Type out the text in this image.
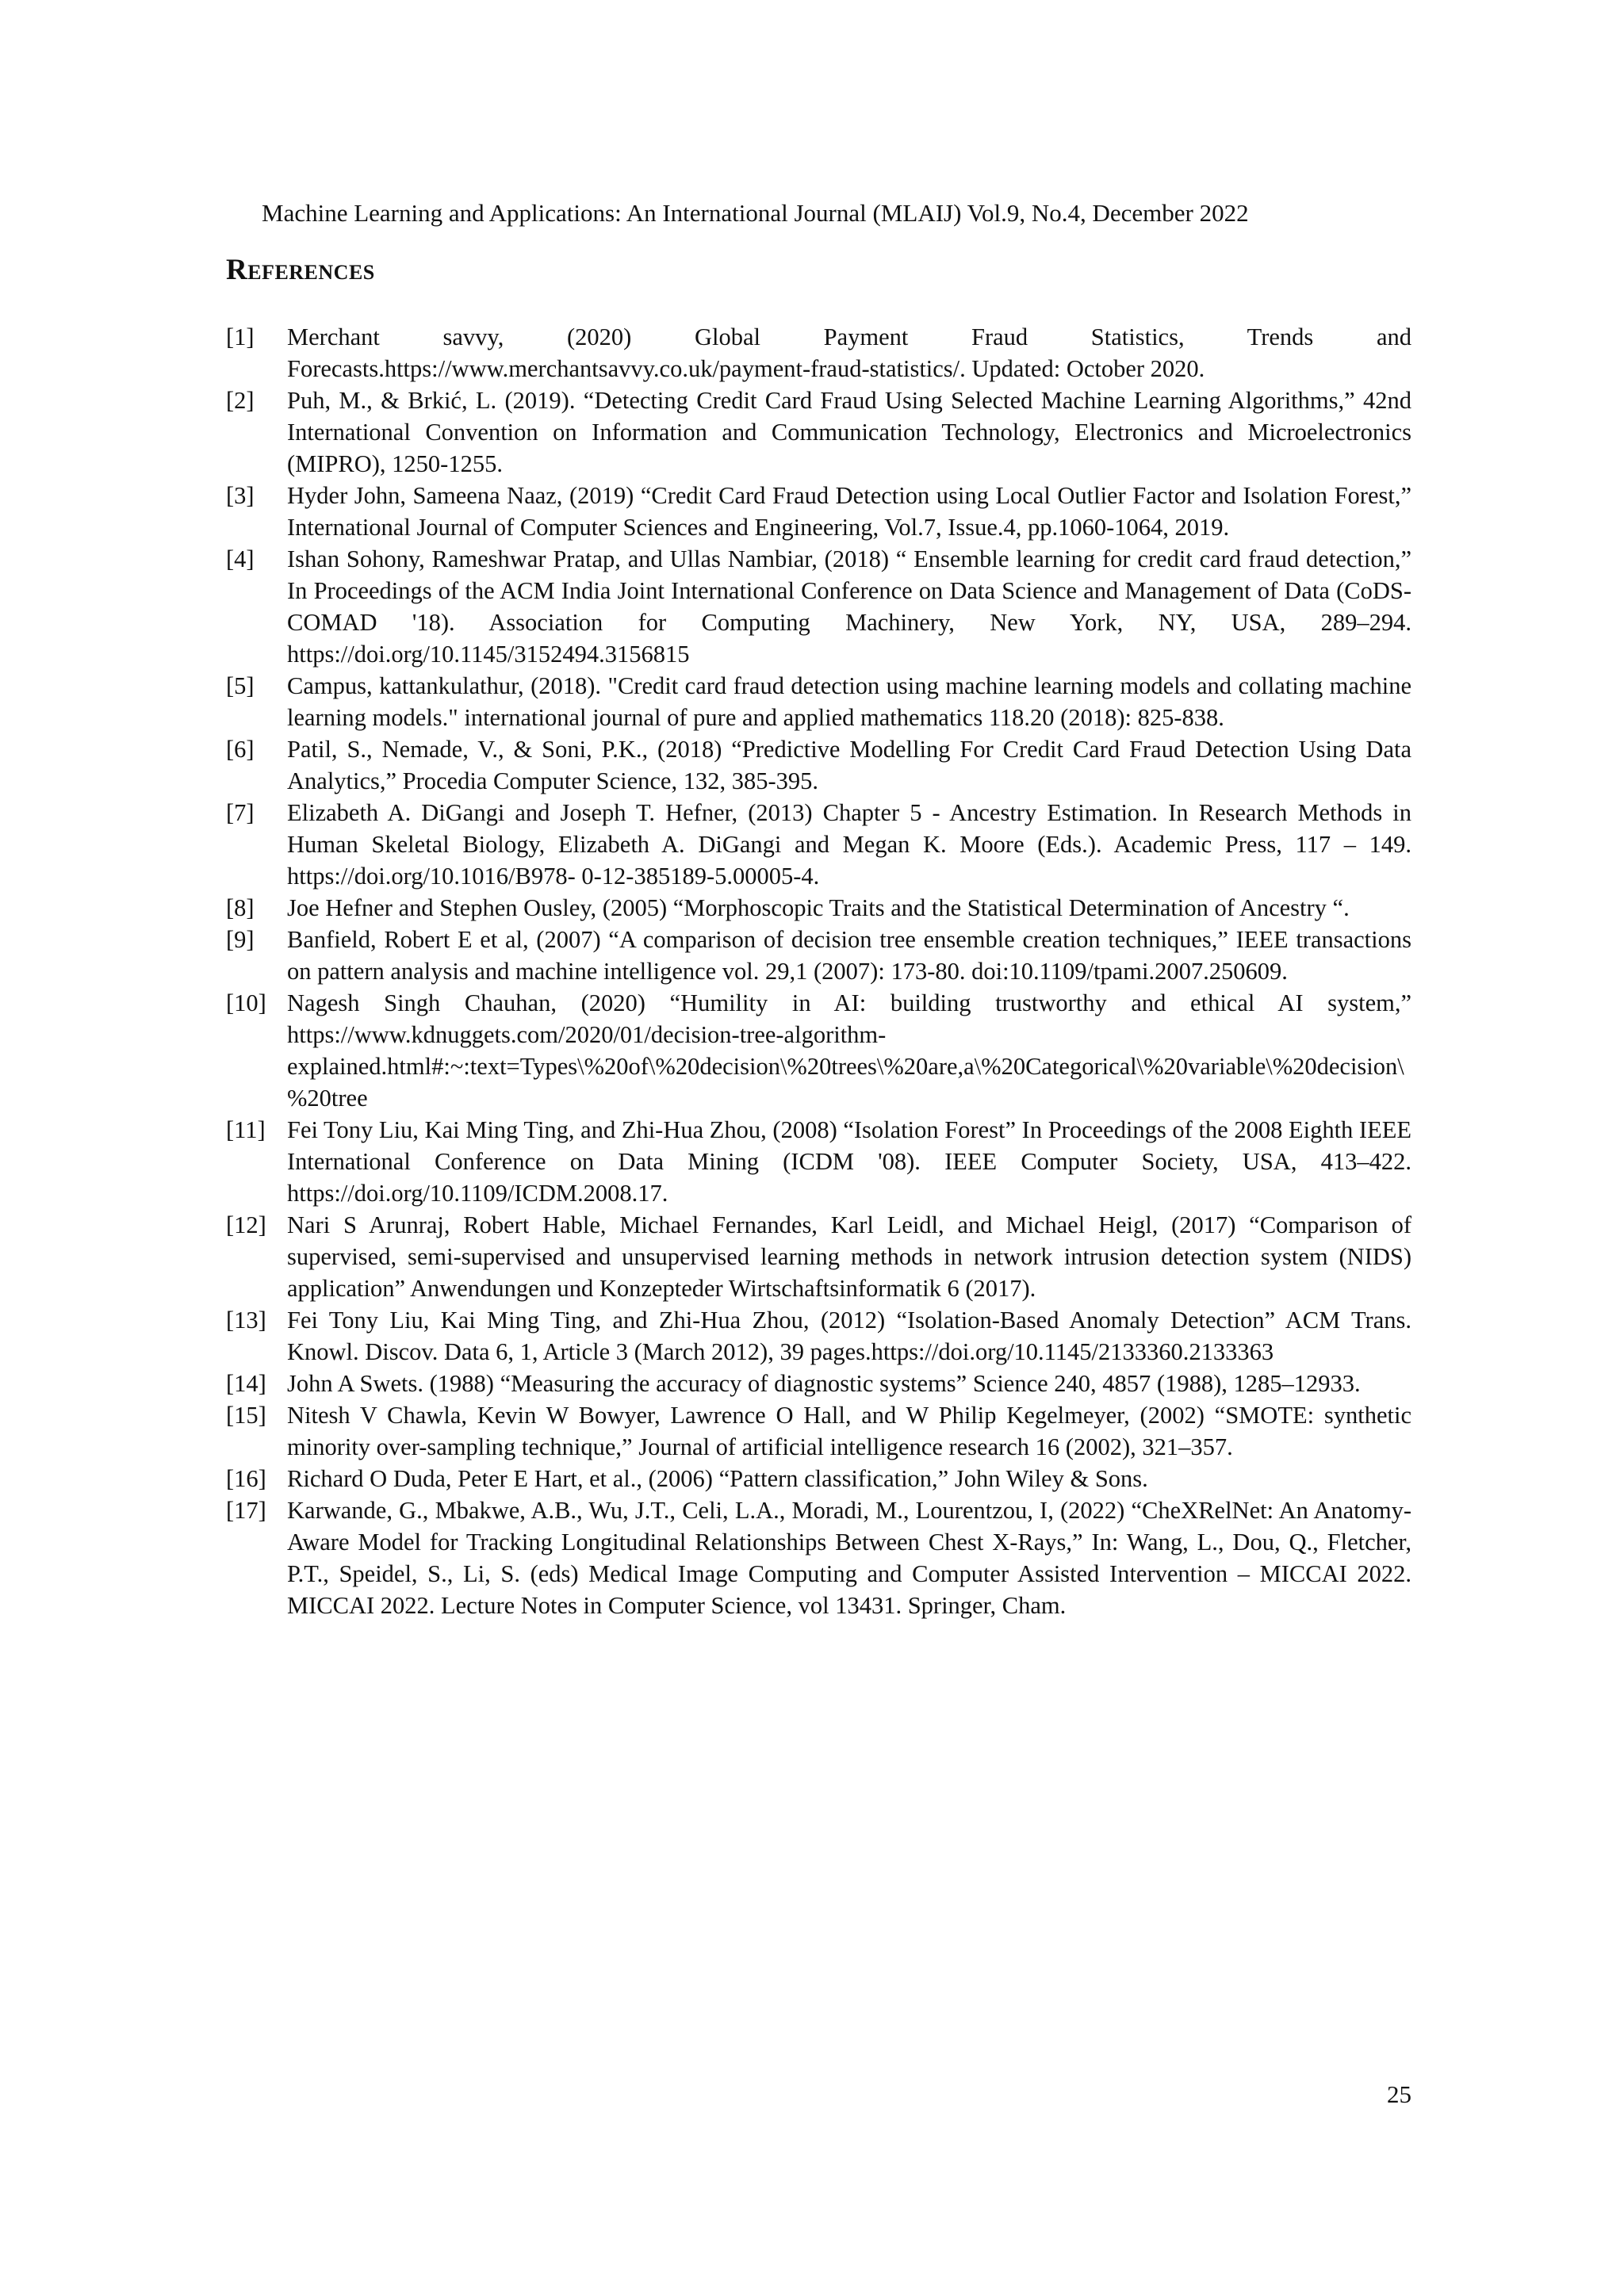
Machine Learning and Applications: An International Journal (MLAIJ) Vol.9, No.4, December 2022
References
[1]	Merchant savvy, (2020) Global Payment Fraud Statistics, Trends and Forecasts.https://www.merchantsavvy.co.uk/payment-fraud-statistics/. Updated: October 2020.
[2]	Puh, M., & Brkić, L. (2019). “Detecting Credit Card Fraud Using Selected Machine Learning Algorithms,” 42nd International Convention on Information and Communication Technology, Electronics and Microelectronics (MIPRO), 1250-1255.
[3]	Hyder John, Sameena Naaz, (2019) “Credit Card Fraud Detection using Local Outlier Factor and Isolation Forest,” International Journal of Computer Sciences and Engineering, Vol.7, Issue.4, pp.1060-1064, 2019.
[4]	Ishan Sohony, Rameshwar Pratap, and Ullas Nambiar, (2018) “ Ensemble learning for credit card fraud detection,” In Proceedings of the ACM India Joint International Conference on Data Science and Management of Data (CoDS-COMAD '18). Association for Computing Machinery, New York, NY, USA, 289–294. https://doi.org/10.1145/3152494.3156815
[5]	Campus, kattankulathur, (2018). "Credit card fraud detection using machine learning models and collating machine learning models." international journal of pure and applied mathematics 118.20 (2018): 825-838.
[6]	Patil, S., Nemade, V., & Soni, P.K., (2018) “Predictive Modelling For Credit Card Fraud Detection Using Data Analytics,” Procedia Computer Science, 132, 385-395.
[7]	Elizabeth A. DiGangi and Joseph T. Hefner, (2013) Chapter 5 - Ancestry Estimation. In Research Methods in Human Skeletal Biology, Elizabeth A. DiGangi and Megan K. Moore (Eds.). Academic Press, 117 – 149. https://doi.org/10.1016/B978- 0-12-385189-5.00005-4.
[8]	Joe Hefner and Stephen Ousley, (2005) “Morphoscopic Traits and the Statistical Determination of Ancestry “.
[9]	Banfield, Robert E et al, (2007) “A comparison of decision tree ensemble creation techniques,” IEEE transactions on pattern analysis and machine intelligence vol. 29,1 (2007): 173-80. doi:10.1109/tpami.2007.250609.
[10] Nagesh Singh Chauhan, (2020) “Humility in AI: building trustworthy and ethical AI system,” https://www.kdnuggets.com/2020/01/decision-tree-algorithm-explained.html#:~:text=Types\%20of\%20decision\%20trees\%20are,a\%20Categorical\%20variable\%20decision\%20tree
[11] Fei Tony Liu, Kai Ming Ting, and Zhi-Hua Zhou, (2008) “Isolation Forest” In Proceedings of the 2008 Eighth IEEE International Conference on Data Mining (ICDM '08). IEEE Computer Society, USA, 413–422. https://doi.org/10.1109/ICDM.2008.17.
[12] Nari S Arunraj, Robert Hable, Michael Fernandes, Karl Leidl, and Michael Heigl, (2017) “Comparison of supervised, semi-supervised and unsupervised learning methods in network intrusion detection system (NIDS) application” Anwendungen und Konzepteder Wirtschaftsinformatik 6 (2017).
[13] Fei Tony Liu, Kai Ming Ting, and Zhi-Hua Zhou, (2012) “Isolation-Based Anomaly Detection” ACM Trans. Knowl. Discov. Data 6, 1, Article 3 (March 2012), 39 pages.https://doi.org/10.1145/2133360.2133363
[14] John A Swets. (1988) “Measuring the accuracy of diagnostic systems” Science 240, 4857 (1988), 1285–12933.
[15] Nitesh V Chawla, Kevin W Bowyer, Lawrence O Hall, and W Philip Kegelmeyer, (2002) “SMOTE: synthetic minority over-sampling technique,” Journal of artificial intelligence research 16 (2002), 321–357.
[16] Richard O Duda, Peter E Hart, et al., (2006) “Pattern classification,” John Wiley & Sons.
[17] Karwande, G., Mbakwe, A.B., Wu, J.T., Celi, L.A., Moradi, M., Lourentzou, I, (2022) “CheXRelNet: An Anatomy-Aware Model for Tracking Longitudinal Relationships Between Chest X-Rays,” In: Wang, L., Dou, Q., Fletcher, P.T., Speidel, S., Li, S. (eds) Medical Image Computing and Computer Assisted Intervention – MICCAI 2022. MICCAI 2022. Lecture Notes in Computer Science, vol 13431. Springer, Cham.
25
